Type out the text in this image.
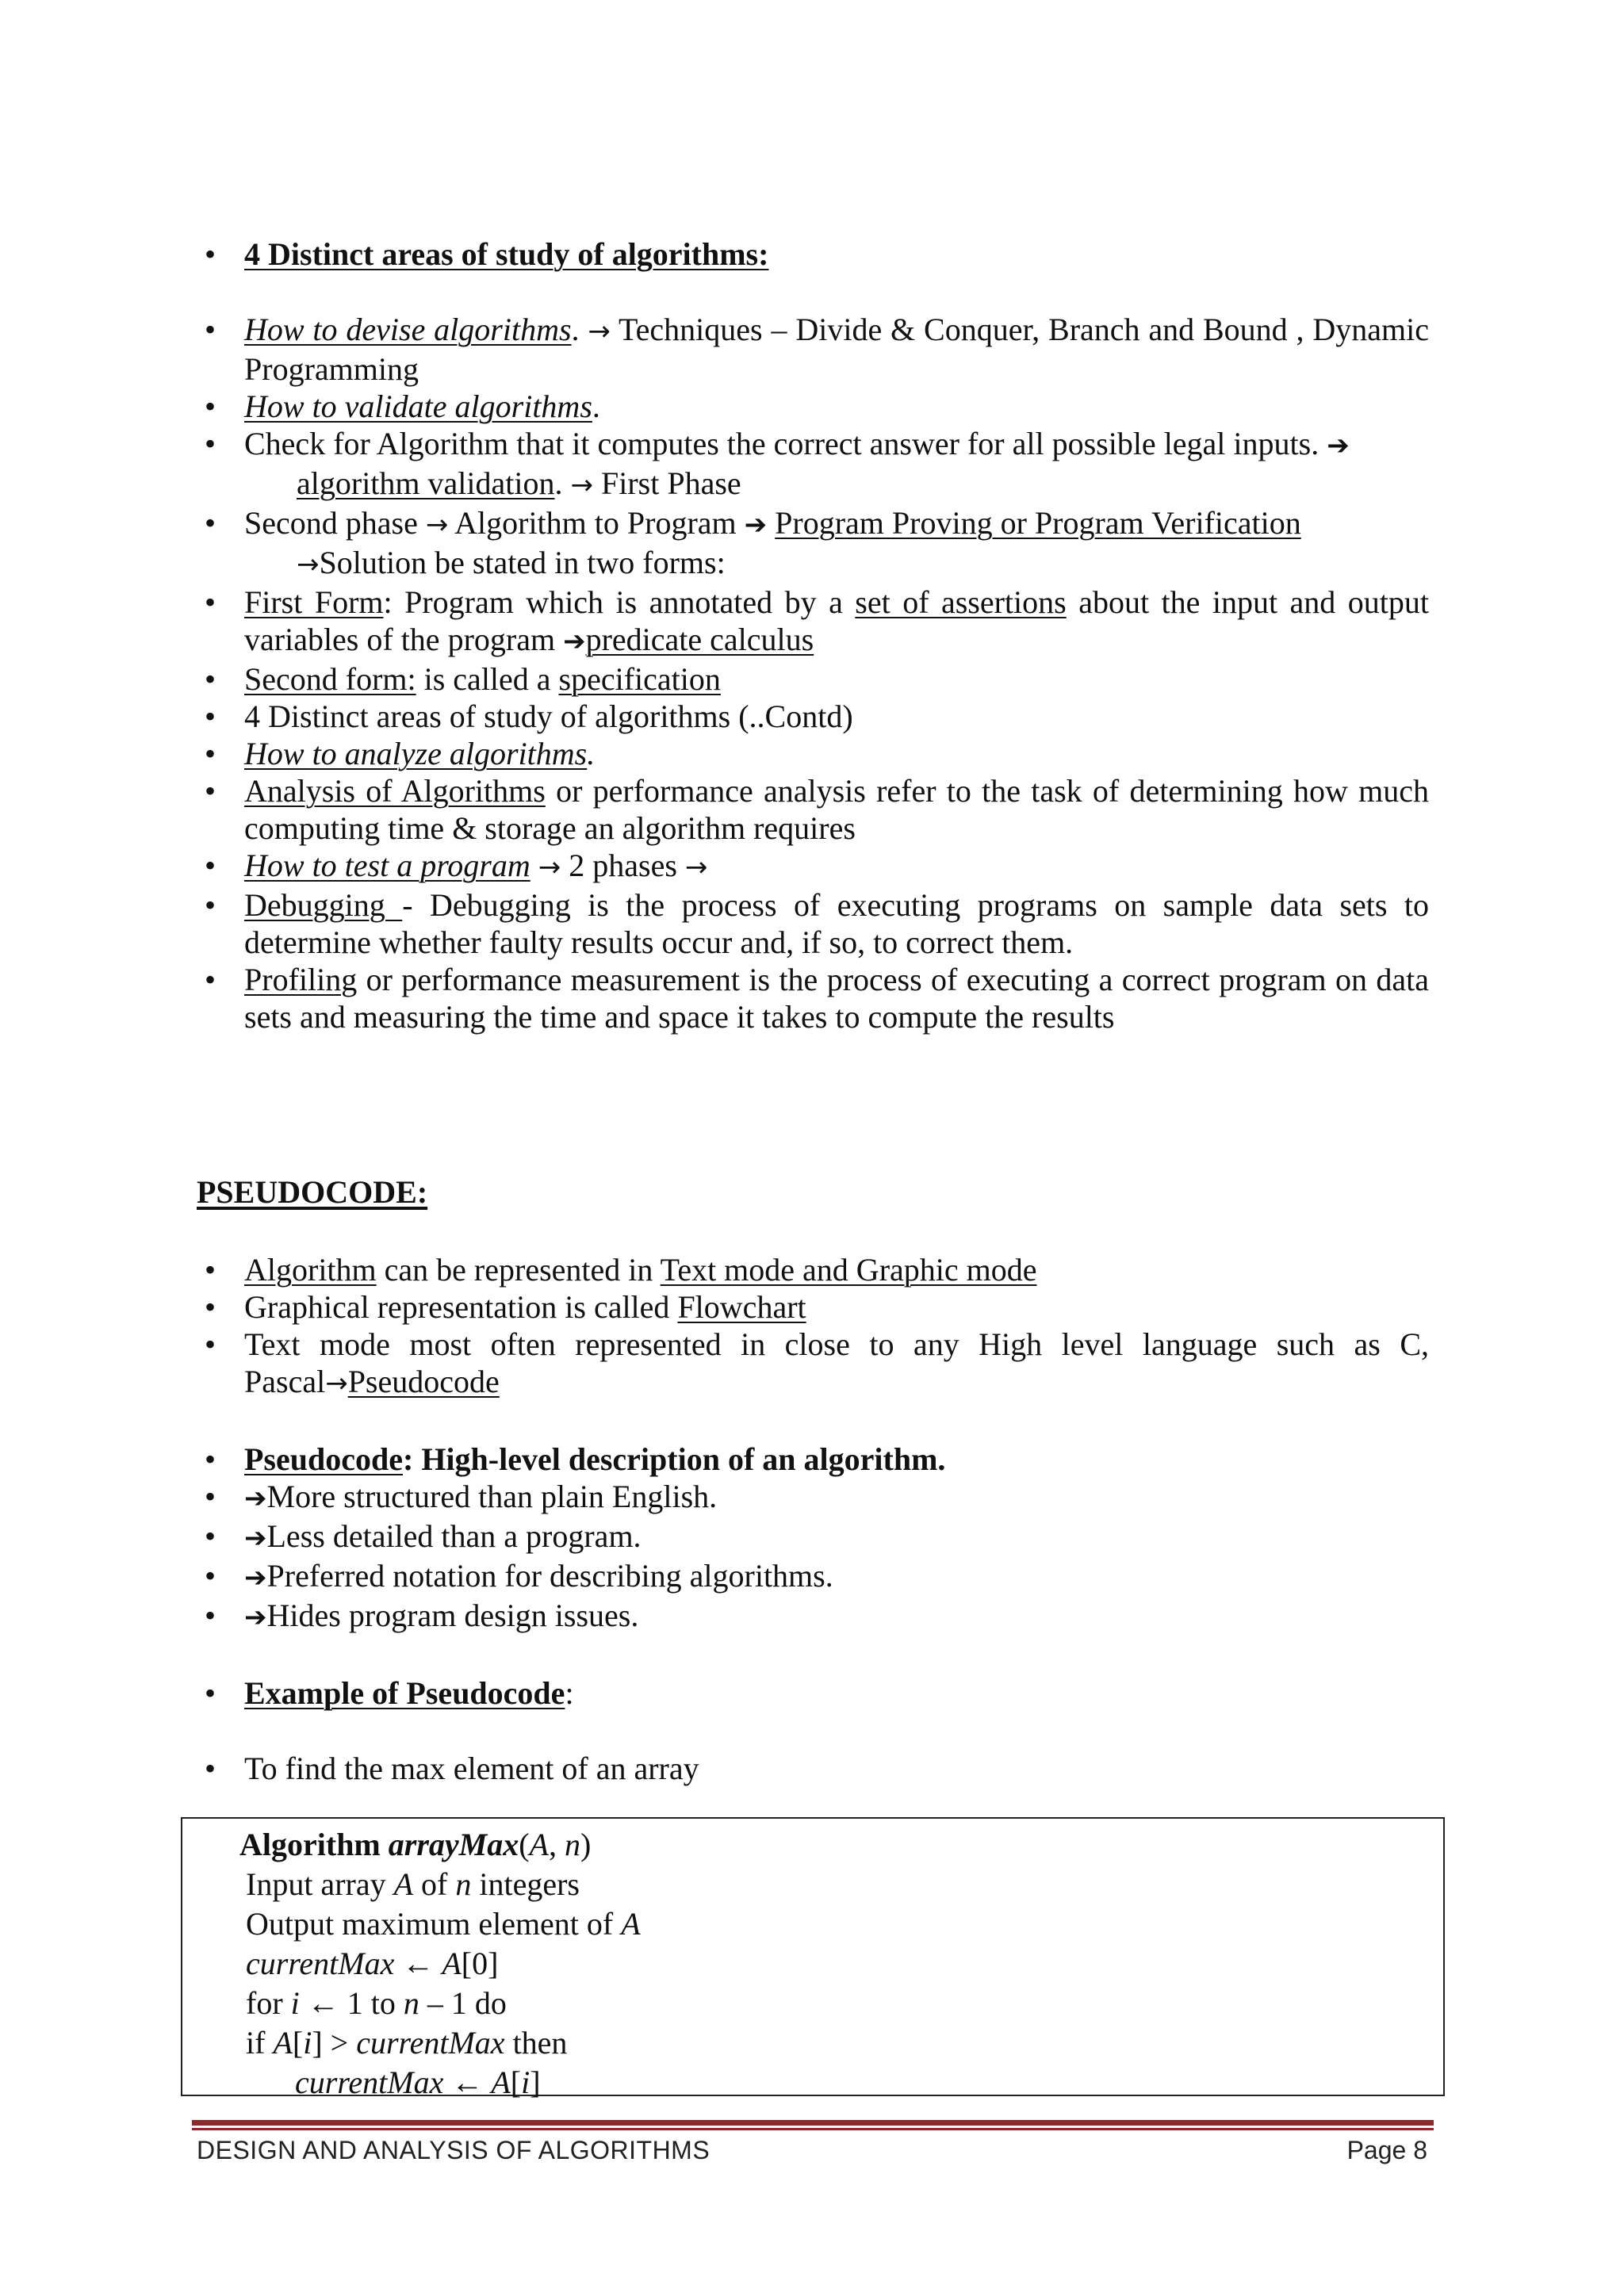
• 4 Distinct areas of study of algorithms:
• How to devise algorithms. → Techniques – Divide & Conquer, Branch and Bound , Dynamic Programming
• How to validate algorithms.
• Check for Algorithm that it computes the correct answer for all possible legal inputs. ➔
algorithm validation. → First Phase
• Second phase → Algorithm to Program ➔ Program Proving or Program Verification
→Solution be stated in two forms:
• First Form: Program which is annotated by a set of assertions about the input and output variables of the program ➔predicate calculus
• Second form: is called a specification
• 4 Distinct areas of study of algorithms (..Contd)
• How to analyze algorithms.
• Analysis of Algorithms or performance analysis refer to the task of determining how much computing time & storage an algorithm requires
• How to test a program → 2 phases →
• Debugging - Debugging is the process of executing programs on sample data sets to determine whether faulty results occur and, if so, to correct them.
• Profiling or performance measurement is the process of executing a correct program on data sets and measuring the time and space it takes to compute the results
PSEUDOCODE:
• Algorithm can be represented in Text mode and Graphic mode
• Graphical representation is called Flowchart
• Text mode most often represented in close to any High level language such as C, Pascal→Pseudocode
• Pseudocode: High-level description of an algorithm.
• ➔More structured than plain English.
• ➔Less detailed than a program.
• ➔Preferred notation for describing algorithms.
• ➔Hides program design issues.
• Example of Pseudocode:
• To find the max element of an array
Algorithm arrayMax(A, n)
Input array A of n integers
Output maximum element of A
currentMax ← A[0]
for i ← 1 to n – 1 do
if A[i] > currentMax then
currentMax ← A[i]
DESIGN AND ANALYSIS OF ALGORITHMS	Page 8
